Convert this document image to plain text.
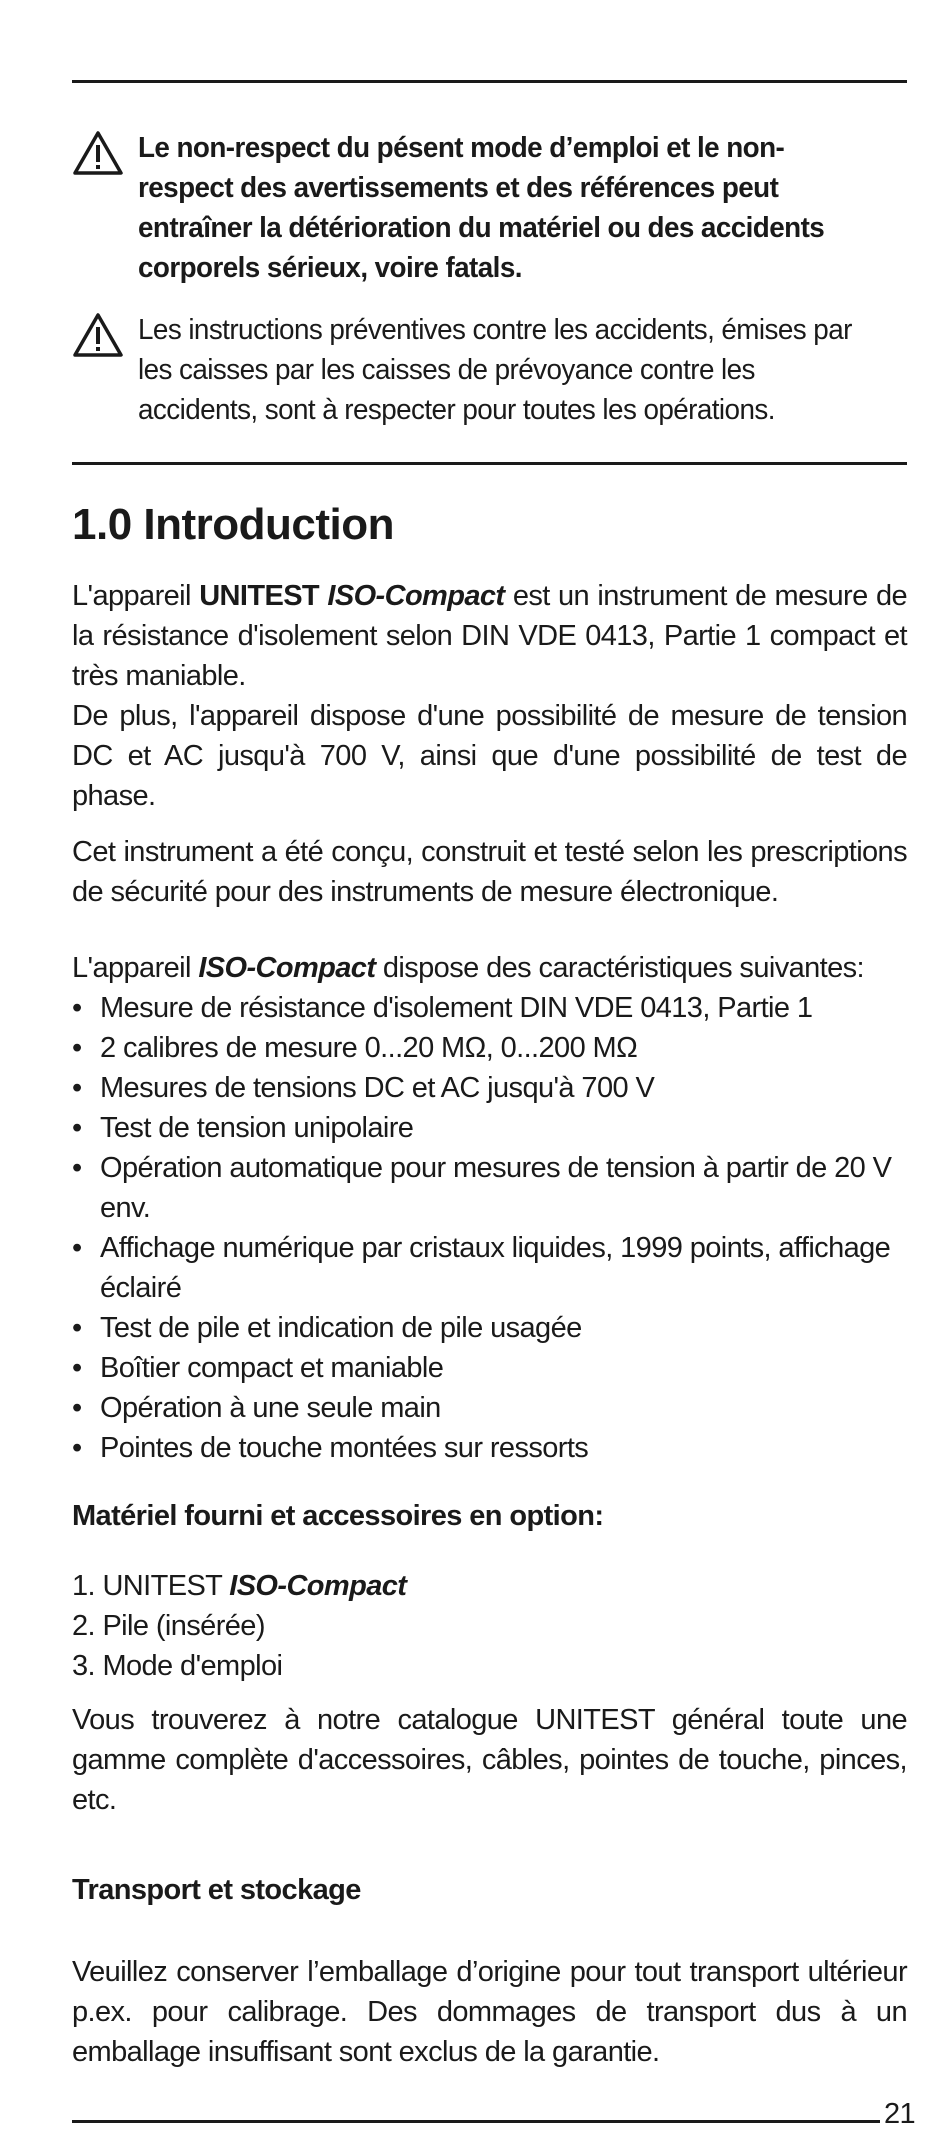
Le non-respect du pésent mode d’emploi et le non-respect des avertissements et des références peut entraîner la détérioration du matériel ou des accidents corporels sérieux, voire fatals.
Les instructions préventives contre les accidents, émises par les caisses par les caisses de prévoyance contre les accidents, sont à respecter pour toutes les opérations.
1.0 Introduction

L'appareil UNITEST ISO-Compact est un instrument de mesure de la résistance d'isolement selon DIN VDE 0413, Partie 1 compact et très maniable.

De plus, l'appareil dispose d'une possibilité de mesure de tension DC et AC jusqu'à 700 V, ainsi que d'une possibilité de test de phase.

Cet instrument a été conçu, construit et testé selon les prescriptions de sécurité pour des instruments de mesure électronique.

L'appareil ISO-Compact dispose des caractéristiques suivantes:

• Mesure de résistance d'isolement DIN VDE 0413, Partie 1
• 2 calibres de mesure 0...20 MΩ, 0...200 MΩ
• Mesures de tensions DC et AC jusqu'à 700 V
• Test de tension unipolaire
• Opération automatique pour mesures de tension à partir de 20 V env.
• Affichage numérique par cristaux liquides, 1999 points, affichage éclairé
• Test de pile et indication de pile usagée
• Boîtier compact et maniable
• Opération à une seule main
• Pointes de touche montées sur ressorts

Matériel fourni et accessoires en option:

1. UNITEST ISO-Compact
2. Pile (insérée)
3. Mode d'emploi

Vous trouverez à notre catalogue UNITEST général toute une gamme complète d'accessoires, câbles, pointes de touche, pinces, etc.

Transport et stockage

Veuillez conserver l’emballage d’origine pour tout transport ultérieur p.ex. pour calibrage. Des dommages de transport dus à un emballage insuffisant sont exclus de la garantie.

21
